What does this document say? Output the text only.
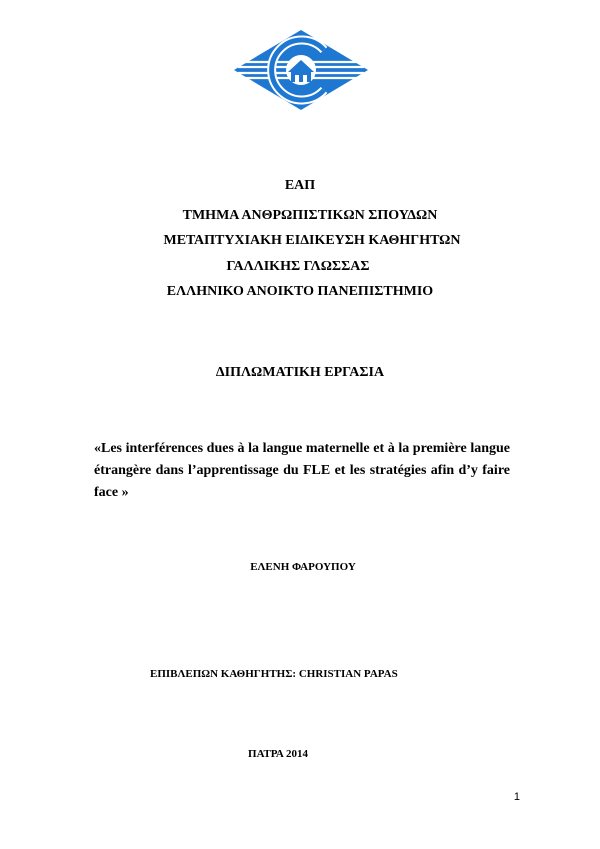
ΕΑΠ
ΤΜΗΜΑ ΑΝΘΡΩΠΙΣΤΙΚΩΝ ΣΠΟΥΔΩΝ
ΜΕΤΑΠΤΥΧΙΑΚΗ ΕΙΔΙΚΕΥΣΗ ΚΑΘΗΓΗΤΩΝ
ΓΑΛΛΙΚΗΣ ΓΛΩΣΣΑΣ
ΕΛΛΗΝΙΚΟ ΑΝΟΙΚΤΟ ΠΑΝΕΠΙΣΤΗΜΙΟ
ΔΙΠΛΩΜΑΤΙΚΗ ΕΡΓΑΣΙΑ
«Les interférences dues à la langue maternelle et à la première langue étrangère dans l’apprentissage du FLE et les stratégies afin d’y faire face »
ΕΛΕΝΗ ΦΑΡΟΥΠΟΥ
ΕΠΙΒΛΕΠΩΝ ΚΑΘΗΓΗΤΗΣ: CHRISTIAN PAPAS
ΠΑΤΡΑ 2014
1
